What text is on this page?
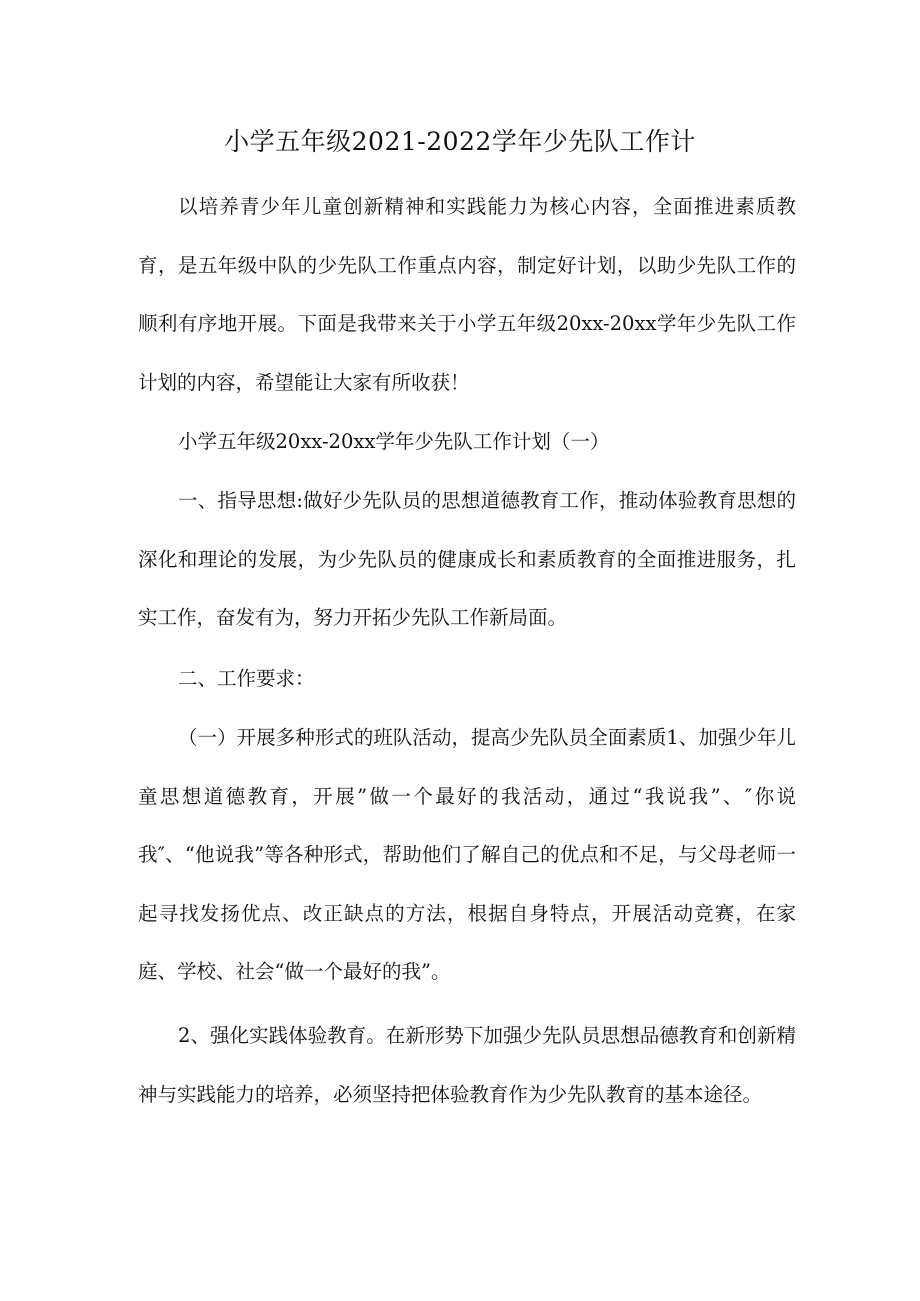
小学五年级2021-2022学年少先队工作计

以培养青少年儿童创新精神和实践能力为核心内容，全面推进素质教育，是五年级中队的少先队工作重点内容，制定好计划，以助少先队工作的顺利有序地开展。下面是我带来关于小学五年级20xx-20xx学年少先队工作计划的内容，希望能让大家有所收获！

小学五年级20xx-20xx学年少先队工作计划（一）

一、指导思想:做好少先队员的思想道德教育工作，推动体验教育思想的深化和理论的发展，为少先队员的健康成长和素质教育的全面推进服务，扎实工作，奋发有为，努力开拓少先队工作新局面。

二、工作要求：

（一）开展多种形式的班队活动，提高少先队员全面素质1、加强少年儿童思想道德教育，开展”做一个最好的我活动，通过“我说我”、″你说我″、“他说我”等各种形式，帮助他们了解自己的优点和不足，与父母老师一起寻找发扬优点、改正缺点的方法，根据自身特点，开展活动竞赛，在家庭、学校、社会“做一个最好的我”。

2、强化实践体验教育。在新形势下加强少先队员思想品德教育和创新精神与实践能力的培养，必须坚持把体验教育作为少先队教育的基本途径。
